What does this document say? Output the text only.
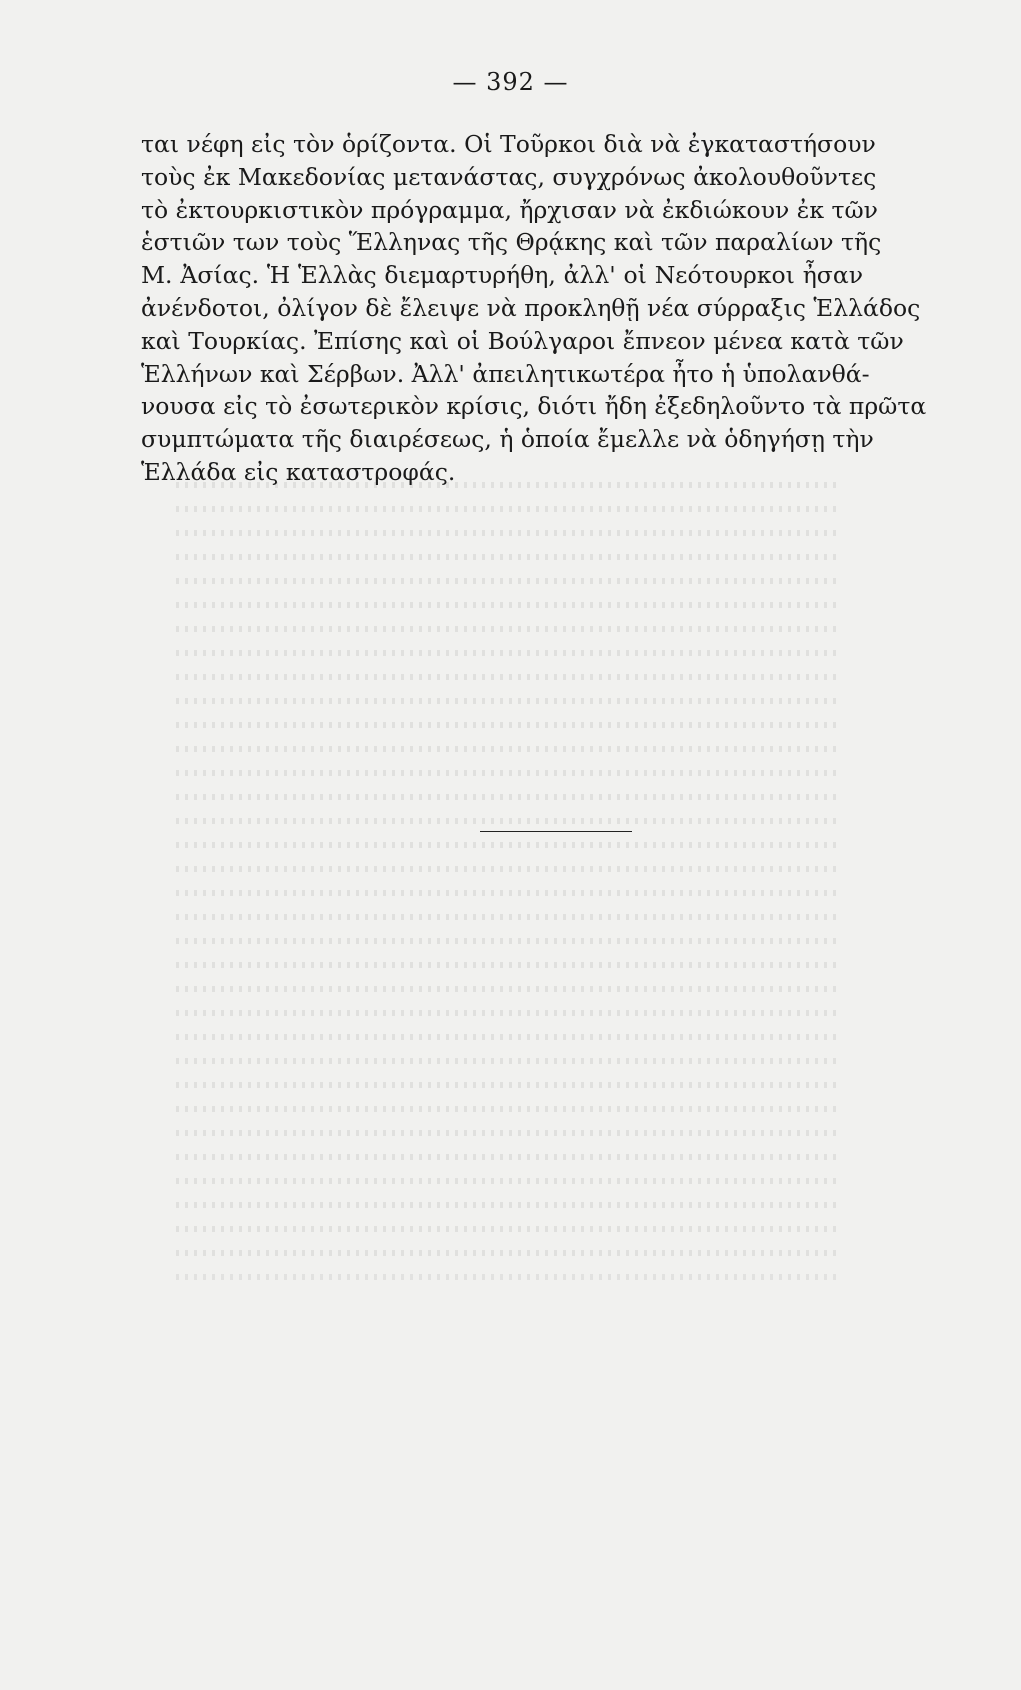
— 392 —
ται νέφη εἰς τὸν ὁρίζοντα. Οἱ Τοῦρκοι διὰ νὰ ἐγκαταστήσουν
τοὺς ἐκ Μακεδονίας μετανάστας, συγχρόνως ἀκολουθοῦντες
τὸ ἐκτουρκιστικὸν πρόγραμμα, ἤρχισαν νὰ ἐκδιώκουν ἐκ τῶν
ἑστιῶν των τοὺς Ἕλληνας τῆς Θρᾴκης καὶ τῶν παραλίων τῆς
Μ. Ἀσίας. Ἡ Ἑλλὰς διεμαρτυρήθη, ἀλλ' οἱ Νεότουρκοι ἦσαν
ἀνένδοτοι, ὀλίγον δὲ ἔλειψε νὰ προκληθῇ νέα σύρραξις Ἑλλάδος
καὶ Τουρκίας. Ἐπίσης καὶ οἱ Βούλγαροι ἔπνεον μένεα κατὰ τῶν
Ἑλλήνων καὶ Σέρβων. Ἀλλ' ἀπειλητικωτέρα ἦτο ἡ ὑπολανθά-
νουσα εἰς τὸ ἐσωτερικὸν κρίσις, διότι ἤδη ἐξεδηλοῦντο τὰ πρῶτα
συμπτώματα τῆς διαιρέσεως, ἡ ὁποία ἔμελλε νὰ ὁδηγήσῃ τὴν
Ἑλλάδα εἰς καταστροφάς.
